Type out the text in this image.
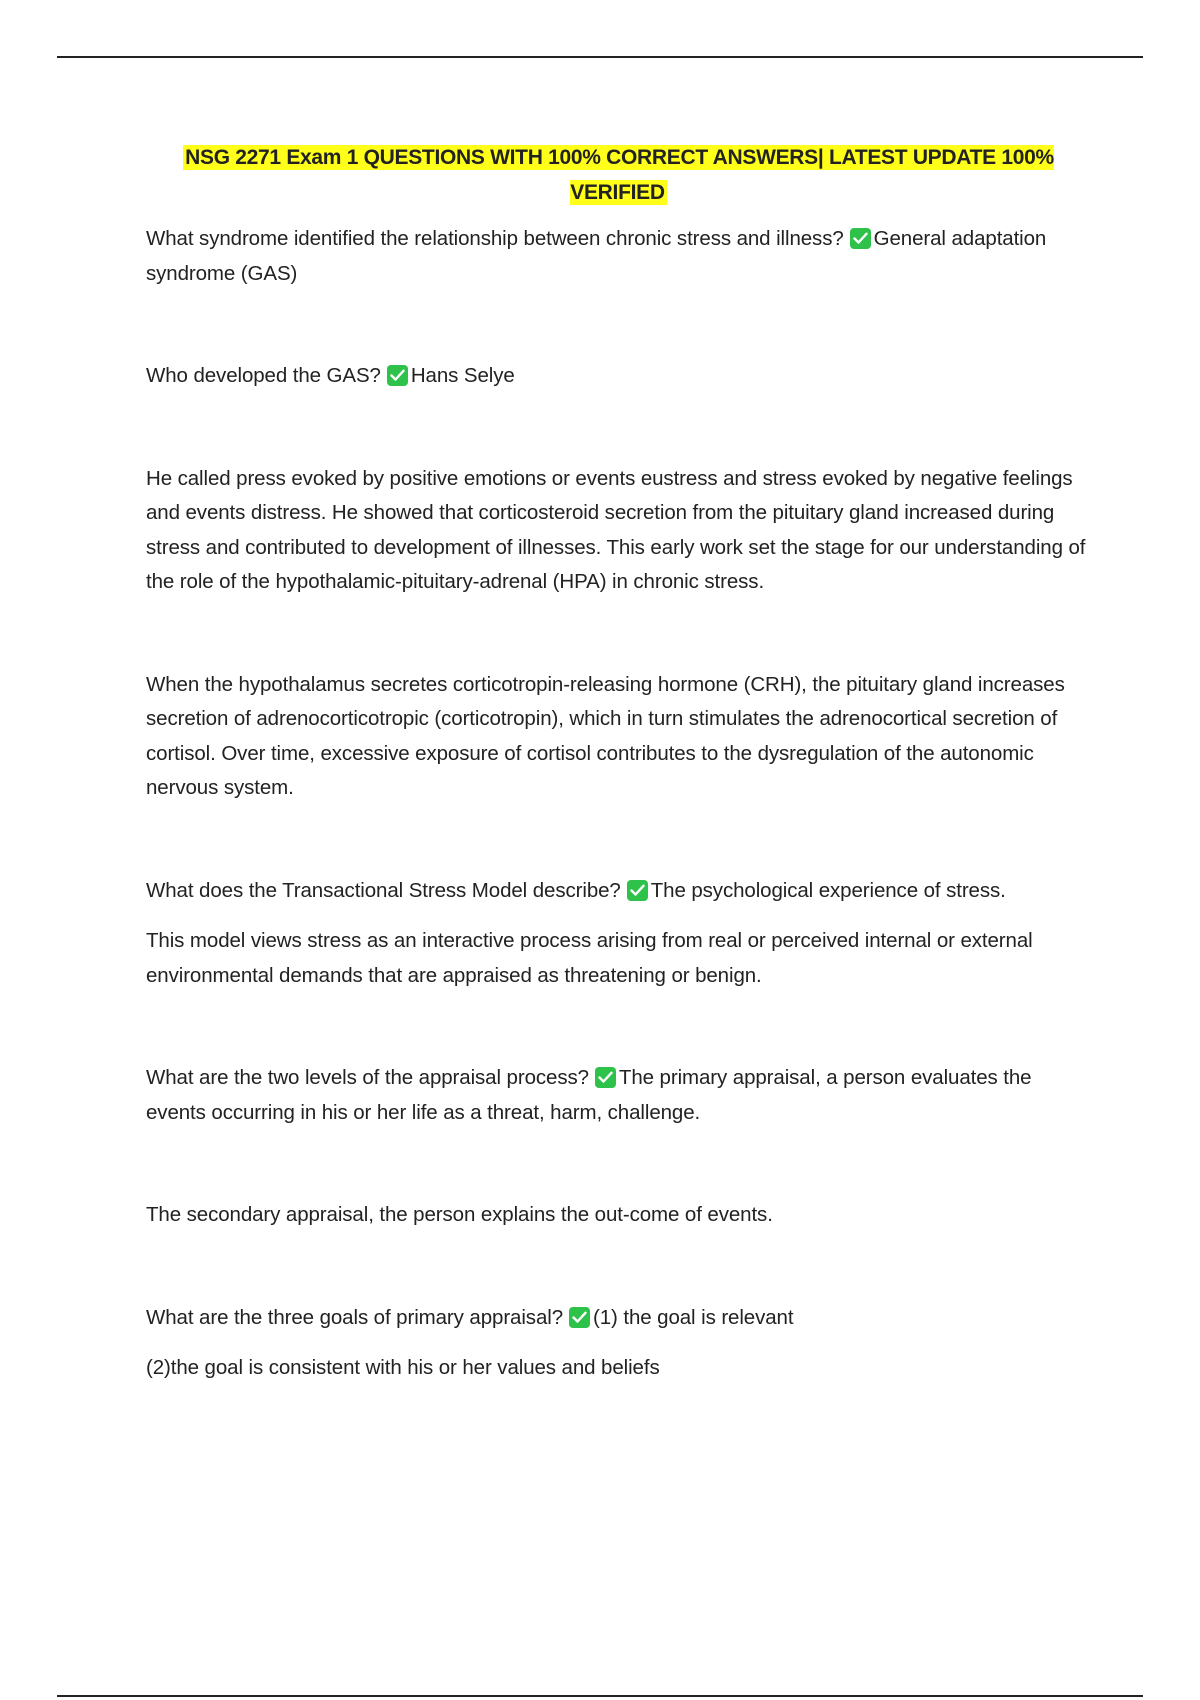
NSG 2271 Exam 1 QUESTIONS WITH 100% CORRECT ANSWERS| LATEST UPDATE 100% VERIFIED

What syndrome identified the relationship between chronic stress and illness? General adaptation syndrome (GAS)

Who developed the GAS? Hans Selye

He called press evoked by positive emotions or events eustress and stress evoked by negative feelings and events distress. He showed that corticosteroid secretion from the pituitary gland increased during stress and contributed to development of illnesses. This early work set the stage for our understanding of the role of the hypothalamic-pituitary-adrenal (HPA) in chronic stress.

When the hypothalamus secretes corticotropin-releasing hormone (CRH), the pituitary gland increases secretion of adrenocorticotropic (corticotropin), which in turn stimulates the adrenocortical secretion of cortisol. Over time, excessive exposure of cortisol contributes to the dysregulation of the autonomic nervous system.

What does the Transactional Stress Model describe? The psychological experience of stress.

This model views stress as an interactive process arising from real or perceived internal or external environmental demands that are appraised as threatening or benign.

What are the two levels of the appraisal process? The primary appraisal, a person evaluates the events occurring in his or her life as a threat, harm, challenge.

The secondary appraisal, the person explains the out-come of events.

What are the three goals of primary appraisal? (1) the goal is relevant

(2)the goal is consistent with his or her values and beliefs
